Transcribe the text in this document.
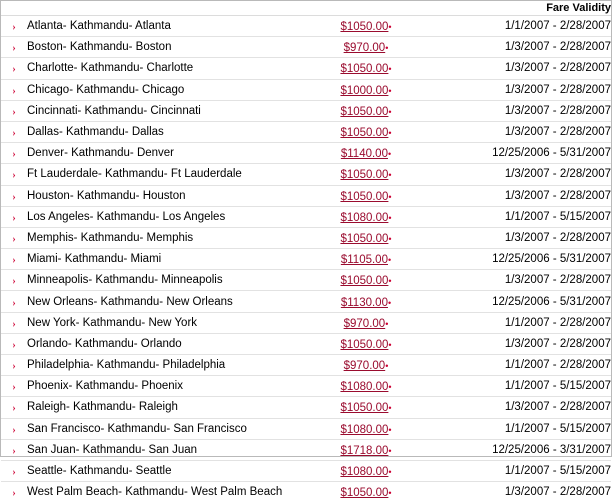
			Fare Validity
›	Atlanta- Kathmandu- Atlanta	$1050.00•	1/1/2007 - 2/28/2007
›	Boston- Kathmandu- Boston	$970.00•	1/3/2007 - 2/28/2007
›	Charlotte- Kathmandu- Charlotte	$1050.00•	1/3/2007 - 2/28/2007
›	Chicago- Kathmandu- Chicago	$1000.00•	1/3/2007 - 2/28/2007
›	Cincinnati- Kathmandu- Cincinnati	$1050.00•	1/3/2007 - 2/28/2007
›	Dallas- Kathmandu- Dallas	$1050.00•	1/3/2007 - 2/28/2007
›	Denver- Kathmandu- Denver	$1140.00•	12/25/2006 - 5/31/2007
›	Ft Lauderdale- Kathmandu- Ft Lauderdale	$1050.00•	1/3/2007 - 2/28/2007
›	Houston- Kathmandu- Houston	$1050.00•	1/3/2007 - 2/28/2007
›	Los Angeles- Kathmandu- Los Angeles	$1080.00•	1/1/2007 - 5/15/2007
›	Memphis- Kathmandu- Memphis	$1050.00•	1/3/2007 - 2/28/2007
›	Miami- Kathmandu- Miami	$1105.00•	12/25/2006 - 5/31/2007
›	Minneapolis- Kathmandu- Minneapolis	$1050.00•	1/3/2007 - 2/28/2007
›	New Orleans- Kathmandu- New Orleans	$1130.00•	12/25/2006 - 5/31/2007
›	New York- Kathmandu- New York	$970.00•	1/1/2007 - 2/28/2007
›	Orlando- Kathmandu- Orlando	$1050.00•	1/3/2007 - 2/28/2007
›	Philadelphia- Kathmandu- Philadelphia	$970.00•	1/1/2007 - 2/28/2007
›	Phoenix- Kathmandu- Phoenix	$1080.00•	1/1/2007 - 5/15/2007
›	Raleigh- Kathmandu- Raleigh	$1050.00•	1/3/2007 - 2/28/2007
›	San Francisco- Kathmandu- San Francisco	$1080.00•	1/1/2007 - 5/15/2007
›	San Juan- Kathmandu- San Juan	$1718.00•	12/25/2006 - 3/31/2007
›	Seattle- Kathmandu- Seattle	$1080.00•	1/1/2007 - 5/15/2007
›	West Palm Beach- Kathmandu- West Palm Beach	$1050.00•	1/3/2007 - 2/28/2007
